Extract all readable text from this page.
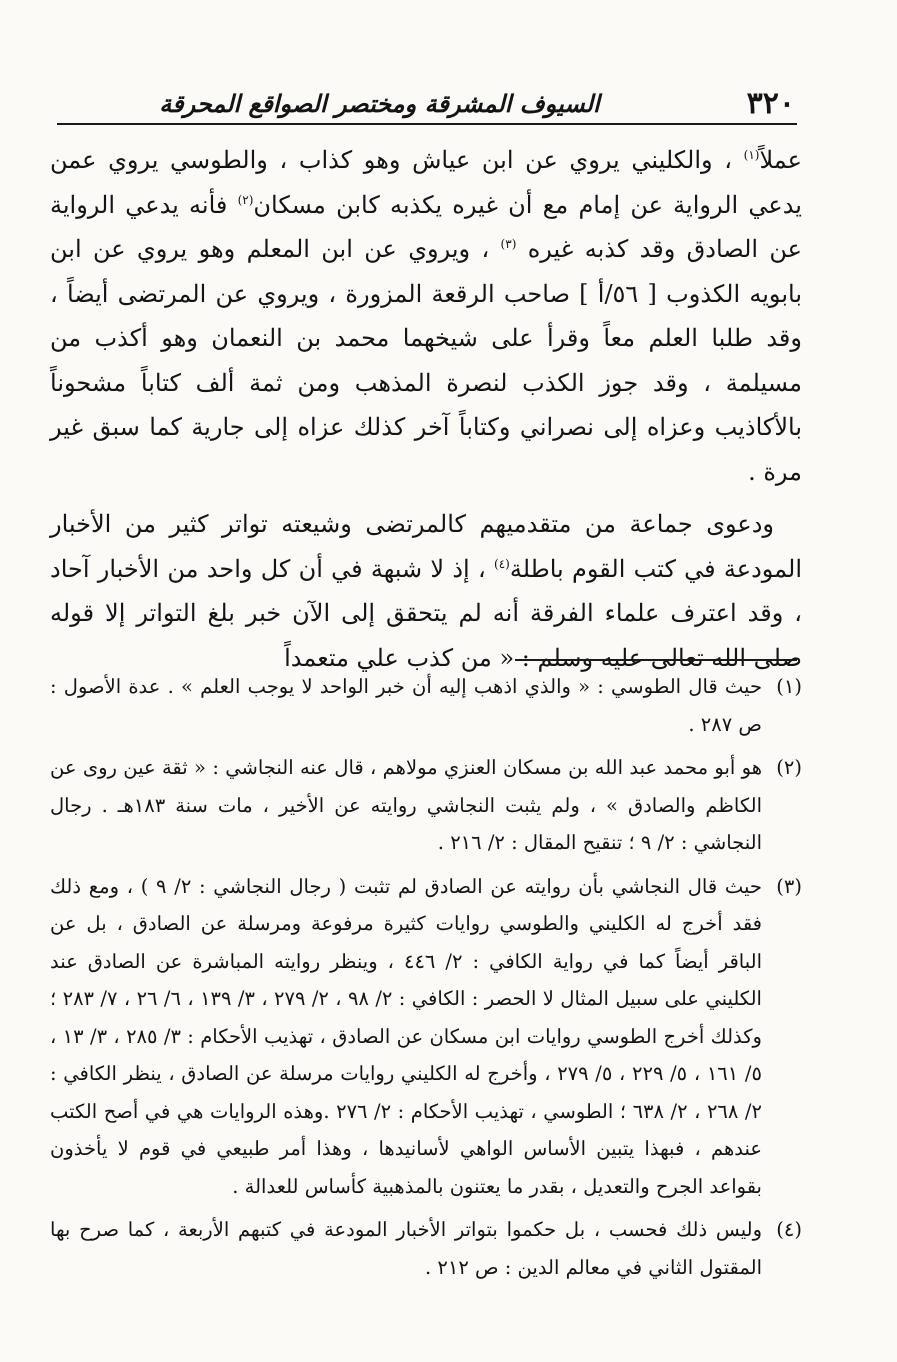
٣٢٠
السيوف المشرقة ومختصر الصواقع المحرقة

عملاً$^{(١)}$ ، والكليني يروي عن ابن عياش وهو كذاب ، والطوسي يروي عمن يدعي الرواية عن إمام مع أن غيره يكذبه كابن مسكان$^{(٢)}$ فأنه يدعي الرواية عن الصادق وقد كذبه غيره $^{(٣)}$ ، ويروي عن ابن المعلم وهو يروي عن ابن بابويه الكذوب [ ٥٦/أ ] صاحب الرقعة المزورة ، ويروي عن المرتضى أيضاً ، وقد طلبا العلم معاً وقرأ على شيخهما محمد بن النعمان وهو أكذب من مسيلمة ، وقد جوز الكذب لنصرة المذهب ومن ثمة ألف كتاباً مشحوناً بالأكاذيب وعزاه إلى نصراني وكتاباً آخر كذلك عزاه إلى جارية كما سبق غير مرة .

ودعوى جماعة من متقدميهم كالمرتضى وشيعته تواتر كثير من الأخبار المودعة في كتب القوم باطلة$^{(٤)}$ ، إذ لا شبهة في أن كل واحد من الأخبار آحاد ، وقد اعترف علماء الفرقة أنه لم يتحقق إلى الآن خبر بلغ التواتر إلا قوله صلى الله تعالى عليه وسلم : « من كذب علي متعمداً

(١)
حيث قال الطوسي : « والذي اذهب إليه أن خبر الواحد لا يوجب العلم » . عدة الأصول : ص ٢٨٧ .
(٢)
هو أبو محمد عبد الله بن مسكان العنزي مولاهم ، قال عنه النجاشي : « ثقة عين روى عن الكاظم والصادق » ، ولم يثبت النجاشي روايته عن الأخير ، مات سنة ١٨٣هـ . رجال النجاشي : ٢/ ٩ ؛ تنقيح المقال : ٢/ ٢١٦ .
(٣)
حيث قال النجاشي بأن روايته عن الصادق لم تثبت ( رجال النجاشي : ٢/ ٩ ) ، ومع ذلك فقد أخرج له الكليني والطوسي روايات كثيرة مرفوعة ومرسلة عن الصادق ، بل عن الباقر أيضاً كما في رواية الكافي : ٢/ ٤٤٦ ، وينظر روايته المباشرة عن الصادق عند الكليني على سبيل المثال لا الحصر : الكافي : ٢/ ٩٨ ، ٢/ ٢٧٩ ، ٣/ ١٣٩ ، ٦/ ٢٦ ، ٧/ ٢٨٣ ؛ وكذلك أخرج الطوسي روايات ابن مسكان عن الصادق ، تهذيب الأحكام : ٣/ ٢٨٥ ، ٣/ ١٣ ، ٥/ ١٦١ ، ٥/ ٢٢٩ ، ٥/ ٢٧٩ ، وأخرج له الكليني روايات مرسلة عن الصادق ، ينظر الكافي : ٢/ ٢٦٨ ، ٢/ ٦٣٨ ؛ الطوسي ، تهذيب الأحكام : ٢/ ٢٧٦ .وهذه الروايات هي في أصح الكتب عندهم ، فبهذا يتبين الأساس الواهي لأسانيدها ، وهذا أمر طبيعي في قوم لا يأخذون بقواعد الجرح والتعديل ، بقدر ما يعتنون بالمذهبية كأساس للعدالة .
(٤)
وليس ذلك فحسب ، بل حكموا بتواتر الأخبار المودعة في كتبهم الأربعة ، كما صرح بها المقتول الثاني في معالم الدين : ص ٢١٢ .
